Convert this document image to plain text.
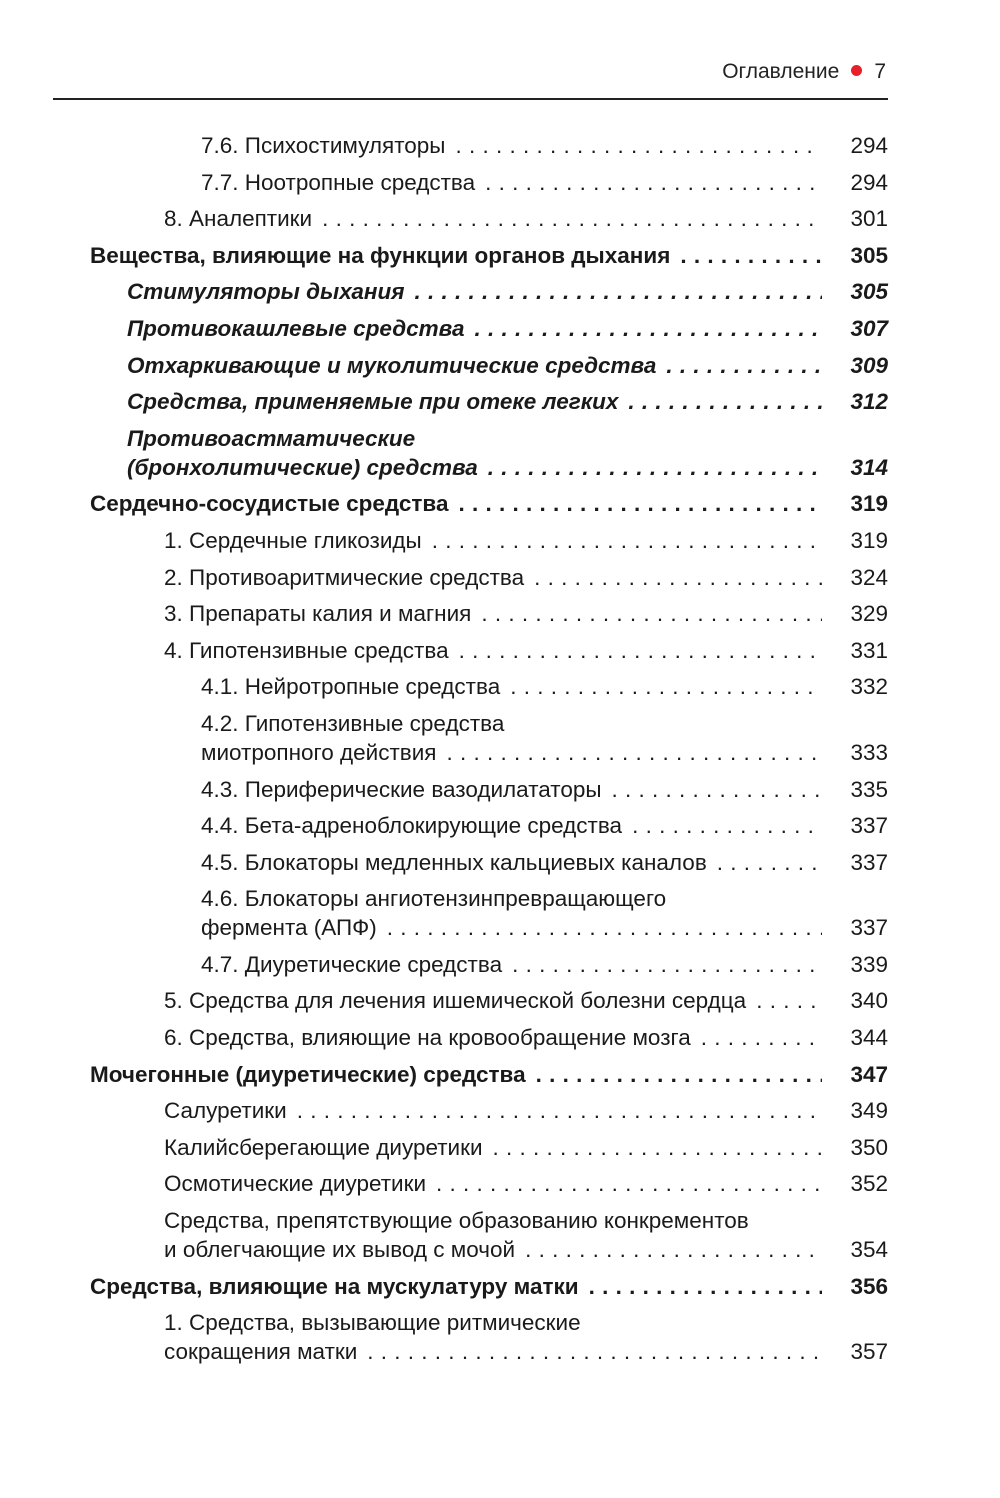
Оглавление 7
7.6. Психостимуляторы . . .	294
7.7. Ноотропные средства . . .	294
8. Аналептики . . .	301
Вещества, влияющие на функции органов дыхания . . .	305
Стимуляторы дыхания . . .	305
Противокашлевые средства . . .	307
Отхаркивающие и муколитические средства . . .	309
Средства, применяемые при отеке легких . . .	312
Противоастматические
(бронхолитические) средства . . .	314
Сердечно-сосудистые средства . . .	319
1. Сердечные гликозиды . . .	319
2. Противоаритмические средства . . .	324
3. Препараты калия и магния . . .	329
4. Гипотензивные средства . . .	331
4.1. Нейротропные средства . . .	332
4.2. Гипотензивные средства
миотропного действия . . .	333
4.3. Периферические вазодилататоры . . .	335
4.4. Бета-адреноблокирующие средства . . .	337
4.5. Блокаторы медленных кальциевых каналов . . .	337
4.6. Блокаторы ангиотензинпревращающего
фермента (АПФ) . . .	337
4.7. Диуретические средства . . .	339
5. Средства для лечения ишемической болезни сердца . . .	340
6. Средства, влияющие на кровообращение мозга . . .	344
Мочегонные (диуретические) средства . . .	347
Салуретики . . .	349
Калийсберегающие диуретики . . .	350
Осмотические диуретики . . .	352
Средства, препятствующие образованию конкрементов
и облегчающие их вывод с мочой . . .	354
Средства, влияющие на мускулатуру матки . . .	356
1. Средства, вызывающие ритмические
сокращения матки . . .	357
